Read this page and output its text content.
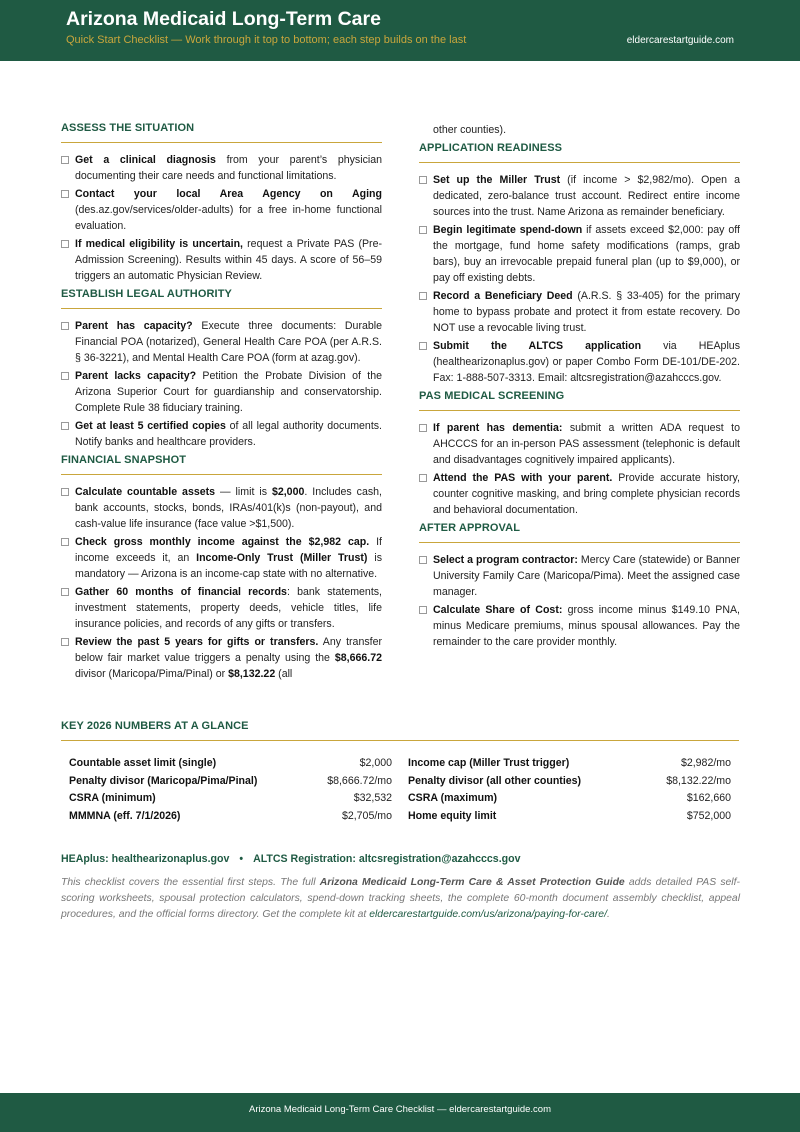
Arizona Medicaid Long-Term Care
Quick Start Checklist — Work through it top to bottom; each step builds on the last	eldercarestartguide.com
ASSESS THE SITUATION
Get a clinical diagnosis from your parent’s physician documenting their care needs and functional limitations.
Contact your local Area Agency on Aging (des.az.gov/services/older-adults) for a free in-home functional evaluation.
If medical eligibility is uncertain, request a Private PAS (Pre-Admission Screening). Results within 45 days. A score of 56–59 triggers an automatic Physician Review.
ESTABLISH LEGAL AUTHORITY
Parent has capacity? Execute three documents: Durable Financial POA (notarized), General Health Care POA (per A.R.S. § 36-3221), and Mental Health Care POA (form at azag.gov).
Parent lacks capacity? Petition the Probate Division of the Arizona Superior Court for guardianship and conservatorship. Complete Rule 38 fiduciary training.
Get at least 5 certified copies of all legal authority documents. Notify banks and healthcare providers.
FINANCIAL SNAPSHOT
Calculate countable assets — limit is $2,000. Includes cash, bank accounts, stocks, bonds, IRAs/401(k)s (non-payout), and cash-value life insurance (face value >$1,500).
Check gross monthly income against the $2,982 cap. If income exceeds it, an Income-Only Trust (Miller Trust) is mandatory — Arizona is an income-cap state with no alternative.
Gather 60 months of financial records: bank statements, investment statements, property deeds, vehicle titles, life insurance policies, and records of any gifts or transfers.
Review the past 5 years for gifts or transfers. Any transfer below fair market value triggers a penalty using the $8,666.72 divisor (Maricopa/Pima/Pinal) or $8,132.22 (all
other counties).
APPLICATION READINESS
Set up the Miller Trust (if income > $2,982/mo). Open a dedicated, zero-balance trust account. Redirect entire income sources into the trust. Name Arizona as remainder beneficiary.
Begin legitimate spend-down if assets exceed $2,000: pay off the mortgage, fund home safety modifications (ramps, grab bars), buy an irrevocable prepaid funeral plan (up to $9,000), or pay off existing debts.
Record a Beneficiary Deed (A.R.S. § 33-405) for the primary home to bypass probate and protect it from estate recovery. Do NOT use a revocable living trust.
Submit the ALTCS application via HEAplus (healthearizonaplus.gov) or paper Combo Form DE-101/DE-202. Fax: 1-888-507-3313. Email: altcsregistration@azahcccs.gov.
PAS MEDICAL SCREENING
If parent has dementia: submit a written ADA request to AHCCCS for an in-person PAS assessment (telephonic is default and disadvantages cognitively impaired applicants).
Attend the PAS with your parent. Provide accurate history, counter cognitive masking, and bring complete physician records and behavioral documentation.
AFTER APPROVAL
Select a program contractor: Mercy Care (statewide) or Banner University Family Care (Maricopa/Pima). Meet the assigned case manager.
Calculate Share of Cost: gross income minus $149.10 PNA, minus Medicare premiums, minus spousal allowances. Pay the remainder to the care provider monthly.
KEY 2026 NUMBERS AT A GLANCE
Countable asset limit (single)	$2,000
Penalty divisor (Maricopa/Pima/Pinal)	$8,666.72/mo
CSRA (minimum)	$32,532
MMMNA (eff. 7/1/2026)	$2,705/mo
Income cap (Miller Trust trigger)	$2,982/mo
Penalty divisor (all other counties)	$8,132.22/mo
CSRA (maximum)	$162,660
Home equity limit	$752,000
HEAplus: healthearizonaplus.gov • ALTCS Registration: altcsregistration@azahcccs.gov
This checklist covers the essential first steps. The full Arizona Medicaid Long-Term Care & Asset Protection Guide adds detailed PAS self-scoring worksheets, spousal protection calculators, spend-down tracking sheets, the complete 60-month document assembly checklist, appeal procedures, and the official forms directory. Get the complete kit at eldercarestartguide.com/us/arizona/paying-for-care/.
Arizona Medicaid Long-Term Care Checklist — eldercarestartguide.com
